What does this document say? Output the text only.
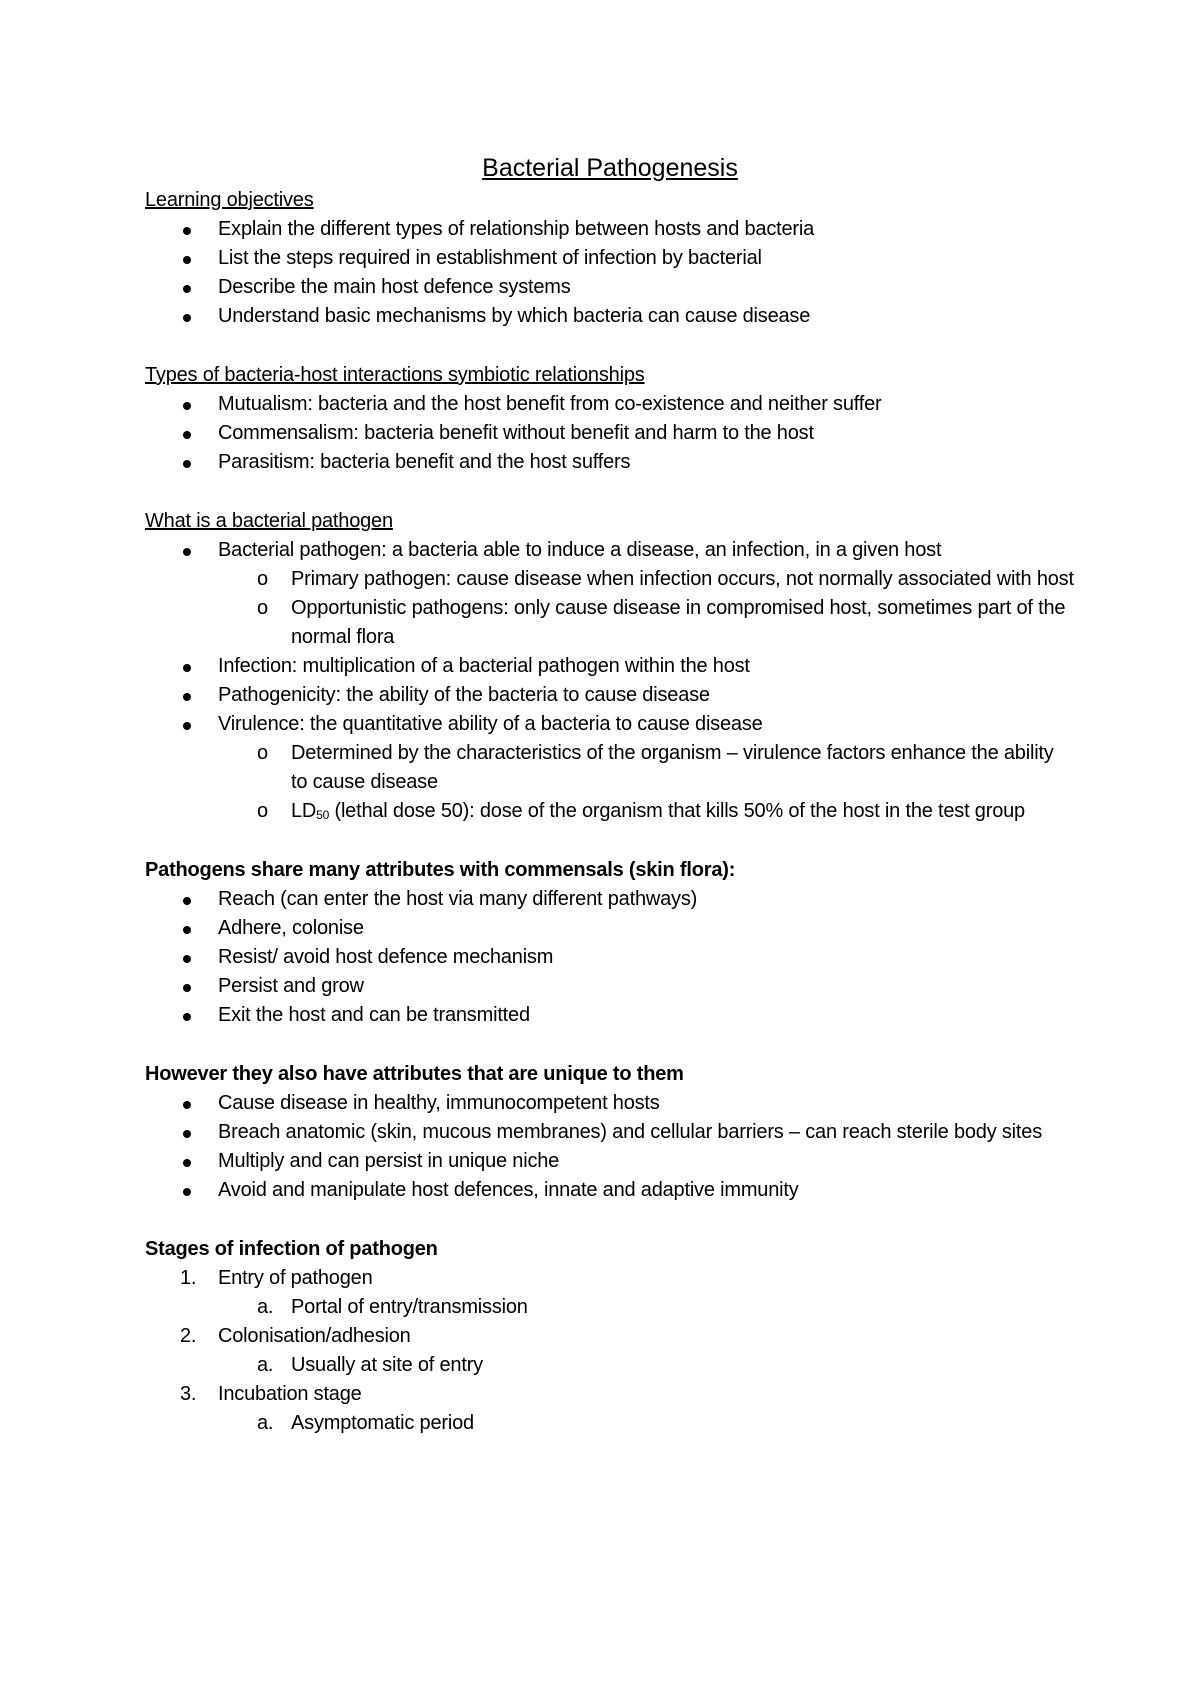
Bacterial Pathogenesis
Learning objectives
Explain the different types of relationship between hosts and bacteria
List the steps required in establishment of infection by bacterial
Describe the main host defence systems
Understand basic mechanisms by which bacteria can cause disease
Types of bacteria-host interactions symbiotic relationships
Mutualism: bacteria and the host benefit from co-existence and neither suffer
Commensalism: bacteria benefit without benefit and harm to the host
Parasitism: bacteria benefit and the host suffers
What is a bacterial pathogen
Bacterial pathogen: a bacteria able to induce a disease, an infection, in a given host
o Primary pathogen: cause disease when infection occurs, not normally associated with host
o Opportunistic pathogens: only cause disease in compromised host, sometimes part of the normal flora
Infection: multiplication of a bacterial pathogen within the host
Pathogenicity: the ability of the bacteria to cause disease
Virulence: the quantitative ability of a bacteria to cause disease
o Determined by the characteristics of the organism – virulence factors enhance the ability to cause disease
o $LD_{50}$ (lethal dose 50): dose of the organism that kills 50% of the host in the test group
Pathogens share many attributes with commensals (skin flora):
Reach (can enter the host via many different pathways)
Adhere, colonise
Resist/ avoid host defence mechanism
Persist and grow
Exit the host and can be transmitted
However they also have attributes that are unique to them
Cause disease in healthy, immunocompetent hosts
Breach anatomic (skin, mucous membranes) and cellular barriers – can reach sterile body sites
Multiply and can persist in unique niche
Avoid and manipulate host defences, innate and adaptive immunity
Stages of infection of pathogen
1. Entry of pathogen
a. Portal of entry/transmission
2. Colonisation/adhesion
a. Usually at site of entry
3. Incubation stage
a. Asymptomatic period
